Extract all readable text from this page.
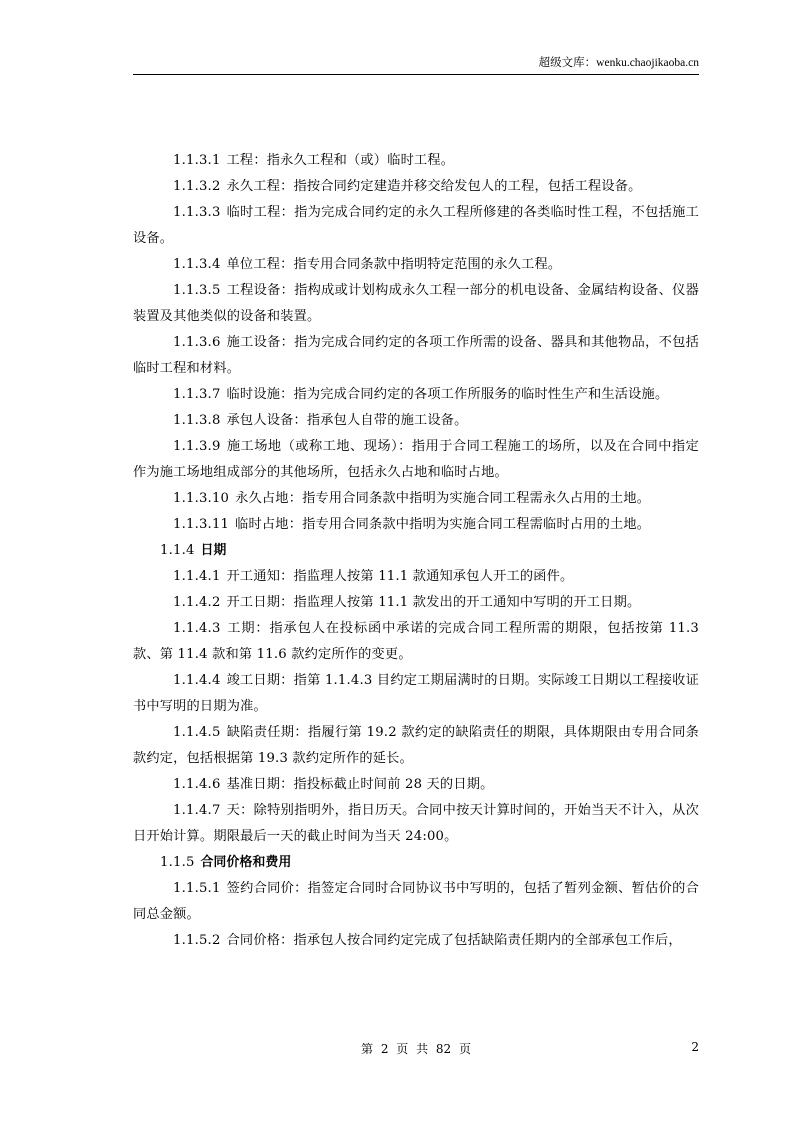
超级文库：wenku.chaojikaoba.cn

1.1.3.1 工程：指永久工程和（或）临时工程。

1.1.3.2 永久工程：指按合同约定建造并移交给发包人的工程，包括工程设备。

1.1.3.3 临时工程：指为完成合同约定的永久工程所修建的各类临时性工程，不包括施工设备。

1.1.3.4 单位工程：指专用合同条款中指明特定范围的永久工程。

1.1.3.5 工程设备：指构成或计划构成永久工程一部分的机电设备、金属结构设备、仪器装置及其他类似的设备和装置。

1.1.3.6 施工设备：指为完成合同约定的各项工作所需的设备、器具和其他物品，不包括临时工程和材料。

1.1.3.7 临时设施：指为完成合同约定的各项工作所服务的临时性生产和生活设施。

1.1.3.8 承包人设备：指承包人自带的施工设备。

1.1.3.9 施工场地（或称工地、现场）：指用于合同工程施工的场所，以及在合同中指定作为施工场地组成部分的其他场所，包括永久占地和临时占地。

1.1.3.10 永久占地：指专用合同条款中指明为实施合同工程需永久占用的土地。

1.1.3.11 临时占地：指专用合同条款中指明为实施合同工程需临时占用的土地。

1.1.4 日期

1.1.4.1 开工通知：指监理人按第 11.1 款通知承包人开工的函件。

1.1.4.2 开工日期：指监理人按第 11.1 款发出的开工通知中写明的开工日期。

1.1.4.3 工期：指承包人在投标函中承诺的完成合同工程所需的期限，包括按第 11.3 款、第 11.4 款和第 11.6 款约定所作的变更。

1.1.4.4 竣工日期：指第 1.1.4.3 目约定工期届满时的日期。实际竣工日期以工程接收证书中写明的日期为准。

1.1.4.5 缺陷责任期：指履行第 19.2 款约定的缺陷责任的期限，具体期限由专用合同条款约定，包括根据第 19.3 款约定所作的延长。

1.1.4.6 基准日期：指投标截止时间前 28 天的日期。

1.1.4.7 天：除特别指明外，指日历天。合同中按天计算时间的，开始当天不计入，从次日开始计算。期限最后一天的截止时间为当天 24:00。

1.1.5 合同价格和费用

1.1.5.1 签约合同价：指签定合同时合同协议书中写明的，包括了暂列金额、暂估价的合同总金额。

1.1.5.2 合同价格：指承包人按合同约定完成了包括缺陷责任期内的全部承包工作后，

第 2 页 共 82 页	2
